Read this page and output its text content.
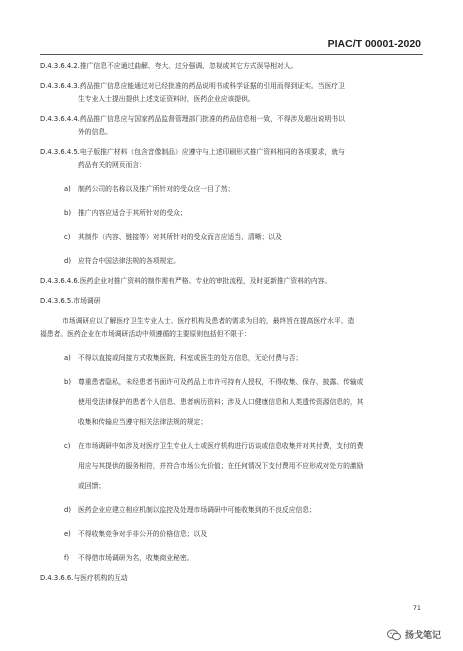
PIAC/T 00001-2020
D.4.3.6.4.2.推广信息不应通过曲解、夸大、过分强调、忽视或其它方式误导相对人。
D.4.3.6.4.3.药品推广信息应能通过对已经批准的药品说明书或科学证据的引用而得到证实。当医疗卫
生专业人士提出提供上述支证资料时，医药企业应该提供。
D.4.3.6.4.4.药品推广信息应与国家药品监督管理部门批准的药品信息相一致，不得涉及超出说明书以
外的信息。
D.4.3.6.4.5.电子版推广材料（包含音像制品）应遵守与上述印刷形式推广资料相同的各项要求，就与
药品有关的网页而言：
a)	制药公司的名称以及推广所针对的受众应一目了然；
b)	推广内容应适合于其所针对的受众；
c)	其制作（内容、链接等）对其所针对的受众而言应适当、清晰；以及
d)	应符合中国法律法规的各项规定。
D.4.3.6.4.6.医药企业对推广资料的制作需有严格、专业的审批流程，及时更新推广资料的内容。
D.4.3.6.5.市场调研
市场调研应以了解医疗卫生专业人士、医疗机构及患者的需求为目的，最终旨在提高医疗水平、造
福患者。医药企业在市场调研活动中须遵循的主要原则包括但不限于：
a)	不得以直接或间接方式收集医院、科室或医生的处方信息，无论付费与否；
b)	尊重患者隐私，未经患者书面许可及药品上市许可持有人授权，不得收集、保存、披露、传输或
使用受法律保护的患者个人信息、患者病历资料；涉及人口健康信息和人类遗传资源信息的，其
收集和传输应当遵守相关法律法规的规定；
c)	在市场调研中如涉及对医疗卫生专业人士或医疗机构进行访谈或信息收集并对其付费，支付的费
用应与其提供的服务相符，并符合市场公允价值；在任何情况下支付费用不应形成对处方的激励
或回馈；
d)	医药企业应建立相应机制以监控及处理市场调研中可能收集到的不良反应信息；
e)	不得收集竞争对手非公开的价格信息；以及
f)	不得借市场调研为名，收集商业秘密。
D.4.3.6.6.与医疗机构的互动
71
扬戈笔记
